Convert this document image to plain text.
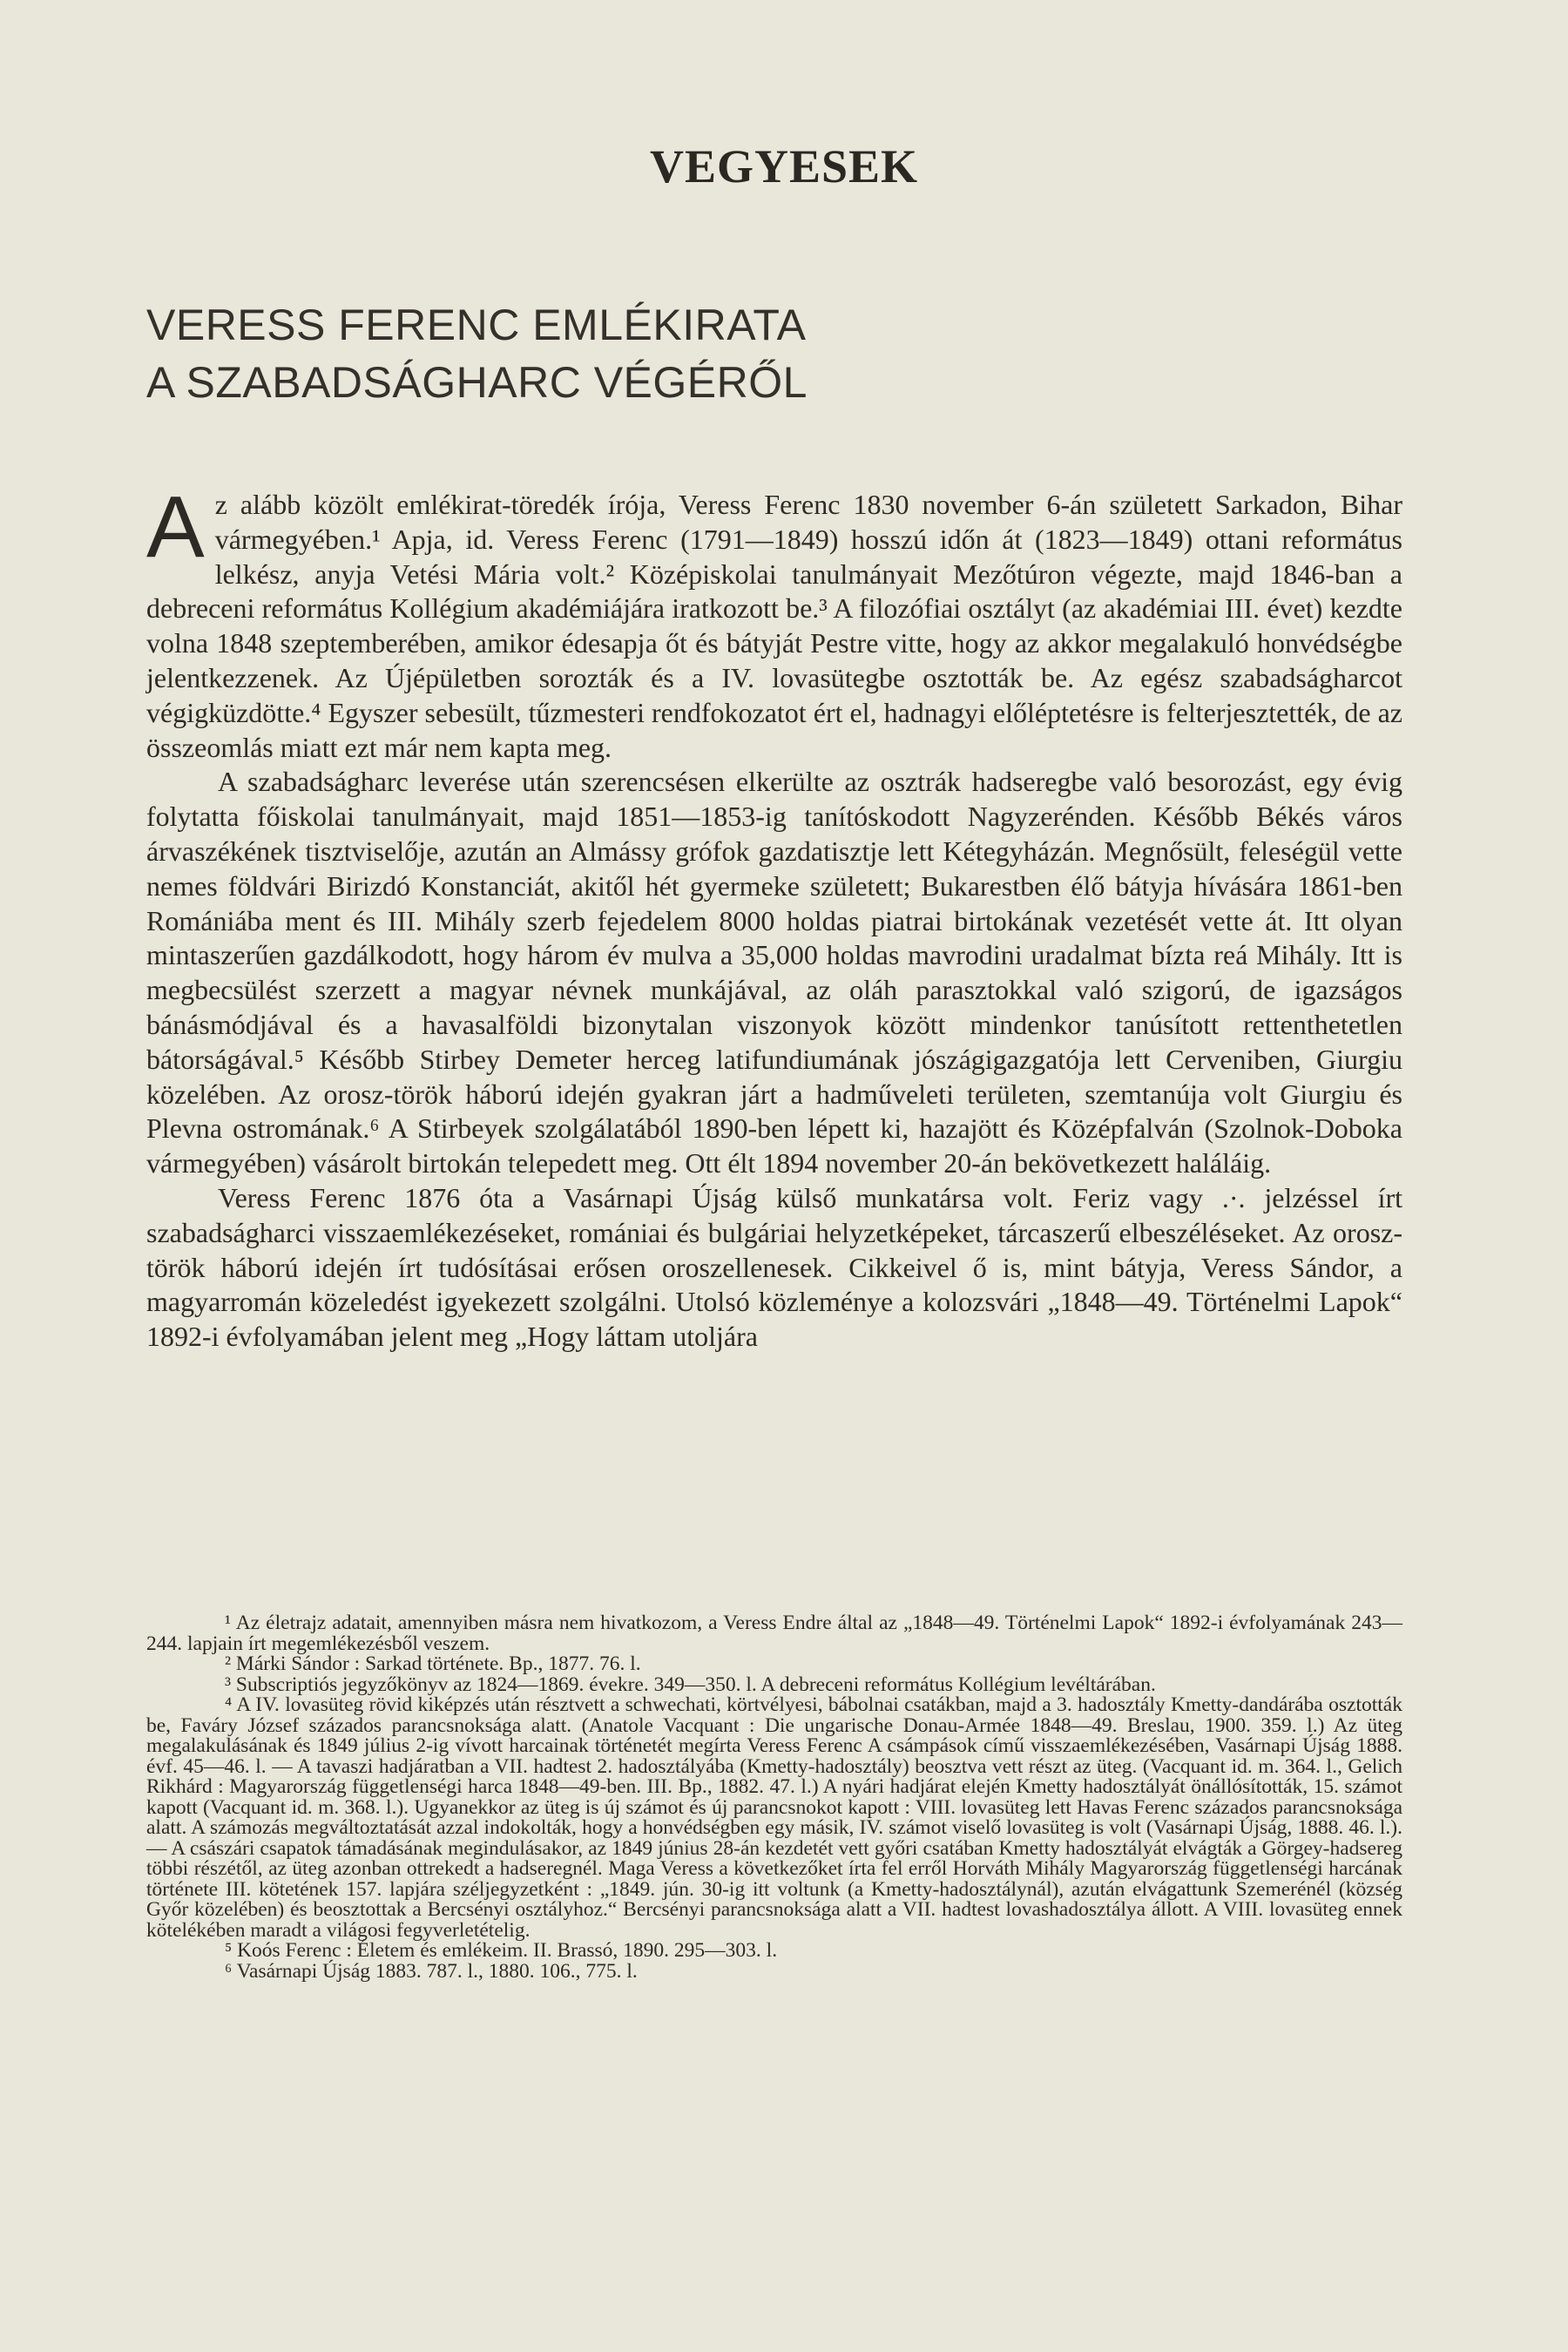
VEGYESEK
VERESS FERENC EMLÉKIRATA
A SZABADSÁGHARC VÉGÉRŐL

Az alább közölt emlékirat-töredék írója, Veress Ferenc 1830 november 6-án született Sarkadon, Bihar vármegyében.¹ Apja, id. Veress Ferenc (1791—1849) hosszú időn át (1823—1849) ottani református lelkész, anyja Vetési Mária volt.² Középiskolai tanulmányait Mezőtúron végezte, majd 1846-ban a debreceni református Kollégium akadémiájára iratkozott be.³ A filozófiai osztályt (az akadémiai III. évet) kezdte volna 1848 szeptemberében, amikor édesapja őt és bátyját Pestre vitte, hogy az akkor megalakuló honvédségbe jelentkezzenek. Az Újépületben sorozták és a IV. lovasütegbe osztották be. Az egész szabadságharcot végigküzdötte.⁴ Egyszer sebesült, tűzmesteri rendfokozatot ért el, hadnagyi előléptetésre is felterjesztették, de az összeomlás miatt ezt már nem kapta meg.

A szabadságharc leverése után szerencsésen elkerülte az osztrák hadseregbe való besorozást, egy évig folytatta főiskolai tanulmányait, majd 1851—1853-ig tanítóskodott Nagyzerénden. Később Békés város árvaszékének tisztviselője, azután an Almássy grófok gazdatisztje lett Kétegyházán. Megnősült, feleségül vette nemes földvári Birizdó Konstanciát, akitől hét gyermeke született; Bukarestben élő bátyja hívására 1861-ben Romániába ment és III. Mihály szerb fejedelem 8000 holdas piatrai birtokának vezetését vette át. Itt olyan mintaszerűen gazdálkodott, hogy három év mulva a 35,000 holdas mavrodini uradalmat bízta reá Mihály. Itt is megbecsülést szerzett a magyar névnek munkájával, az oláh parasztokkal való szigorú, de igazságos bánásmódjával és a havasalföldi bizonytalan viszonyok között mindenkor tanúsított rettenthetetlen bátorságával.⁵ Később Stirbey Demeter herceg latifundiumának jószágigazgatója lett Cerveniben, Giurgiu közelében. Az orosz-török háború idején gyakran járt a hadműveleti területen, szemtanúja volt Giurgiu és Plevna ostromának.⁶ A Stirbeyek szolgálatából 1890-ben lépett ki, hazajött és Középfalván (Szolnok-Doboka vármegyében) vásárolt birtokán telepedett meg. Ott élt 1894 november 20-án bekövetkezett haláláig.

Veress Ferenc 1876 óta a Vasárnapi Újság külső munkatársa volt. Feriz vagy .·. jelzéssel írt szabadságharci visszaemlékezéseket, romániai és bulgáriai helyzetképeket, tárcaszerű elbeszéléseket. Az orosz-török háború idején írt tudósításai erősen oroszellenesek. Cikkeivel ő is, mint bátyja, Veress Sándor, a magyarromán közeledést igyekezett szolgálni. Utolsó közleménye a kolozsvári „1848—49. Történelmi Lapok“ 1892-i évfolyamában jelent meg „Hogy láttam utoljára

¹ Az életrajz adatait, amennyiben másra nem hivatkozom, a Veress Endre által az „1848—49. Történelmi Lapok“ 1892-i évfolyamának 243—244. lapjain írt megemlékezésből veszem.

² Márki Sándor : Sarkad története. Bp., 1877. 76. l.

³ Subscriptiós jegyzőkönyv az 1824—1869. évekre. 349—350. l. A debreceni református Kollégium levéltárában.

⁴ A IV. lovasüteg rövid kiképzés után résztvett a schwechati, körtvélyesi, bábolnai csatákban, majd a 3. hadosztály Kmetty-dandárába osztották be, Faváry József százados parancsnoksága alatt. (Anatole Vacquant : Die ungarische Donau-Armée 1848—49. Breslau, 1900. 359. l.) Az üteg megalakulásának és 1849 július 2-ig vívott harcainak történetét megírta Veress Ferenc A csámpások című visszaemlékezésében, Vasárnapi Újság 1888. évf. 45—46. l. — A tavaszi hadjáratban a VII. hadtest 2. hadosztályába (Kmetty-hadosztály) beosztva vett részt az üteg. (Vacquant id. m. 364. l., Gelich Rikhárd : Magyarország függetlenségi harca 1848—49-ben. III. Bp., 1882. 47. l.) A nyári hadjárat elején Kmetty hadosztályát önállósították, 15. számot kapott (Vacquant id. m. 368. l.). Ugyanekkor az üteg is új számot és új parancsnokot kapott : VIII. lovasüteg lett Havas Ferenc százados parancsnoksága alatt. A számozás megváltoztatását azzal indokolták, hogy a honvédségben egy másik, IV. számot viselő lovasüteg is volt (Vasárnapi Újság, 1888. 46. l.). — A császári csapatok támadásának megindulásakor, az 1849 június 28-án kezdetét vett győri csatában Kmetty hadosztályát elvágták a Görgey-hadsereg többi részétől, az üteg azonban ottrekedt a hadseregnél. Maga Veress a következőket írta fel erről Horváth Mihály Magyarország függetlenségi harcának története III. kötetének 157. lapjára széljegyzetként : „1849. jún. 30-ig itt voltunk (a Kmetty-hadosztálynál), azután elvágattunk Szemerénél (község Győr közelében) és beosztottak a Bercsényi osztályhoz.“ Bercsényi parancsnoksága alatt a VII. hadtest lovashadosztálya állott. A VIII. lovasüteg ennek kötelékében maradt a világosi fegyverletételig.

⁵ Koós Ferenc : Életem és emlékeim. II. Brassó, 1890. 295—303. l.

⁶ Vasárnapi Újság 1883. 787. l., 1880. 106., 775. l.
